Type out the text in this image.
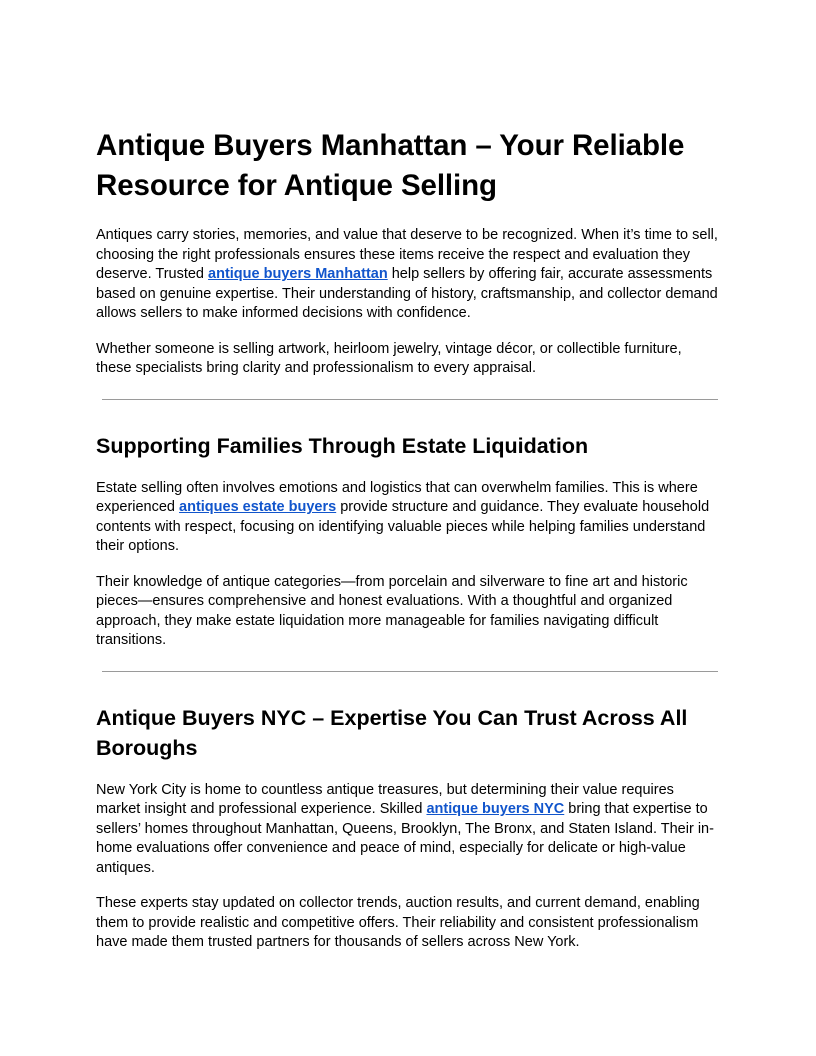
Antique Buyers Manhattan – Your Reliable Resource for Antique Selling

Antiques carry stories, memories, and value that deserve to be recognized. When it’s time to sell, choosing the right professionals ensures these items receive the respect and evaluation they deserve. Trusted antique buyers Manhattan help sellers by offering fair, accurate assessments based on genuine expertise. Their understanding of history, craftsmanship, and collector demand allows sellers to make informed decisions with confidence.

Whether someone is selling artwork, heirloom jewelry, vintage décor, or collectible furniture, these specialists bring clarity and professionalism to every appraisal.

Supporting Families Through Estate Liquidation

Estate selling often involves emotions and logistics that can overwhelm families. This is where experienced antiques estate buyers provide structure and guidance. They evaluate household contents with respect, focusing on identifying valuable pieces while helping families understand their options.

Their knowledge of antique categories—from porcelain and silverware to fine art and historic pieces—ensures comprehensive and honest evaluations. With a thoughtful and organized approach, they make estate liquidation more manageable for families navigating difficult transitions.

Antique Buyers NYC – Expertise You Can Trust Across All Boroughs

New York City is home to countless antique treasures, but determining their value requires market insight and professional experience. Skilled antique buyers NYC bring that expertise to sellers’ homes throughout Manhattan, Queens, Brooklyn, The Bronx, and Staten Island. Their in-home evaluations offer convenience and peace of mind, especially for delicate or high-value antiques.

These experts stay updated on collector trends, auction results, and current demand, enabling them to provide realistic and competitive offers. Their reliability and consistent professionalism have made them trusted partners for thousands of sellers across New York.
